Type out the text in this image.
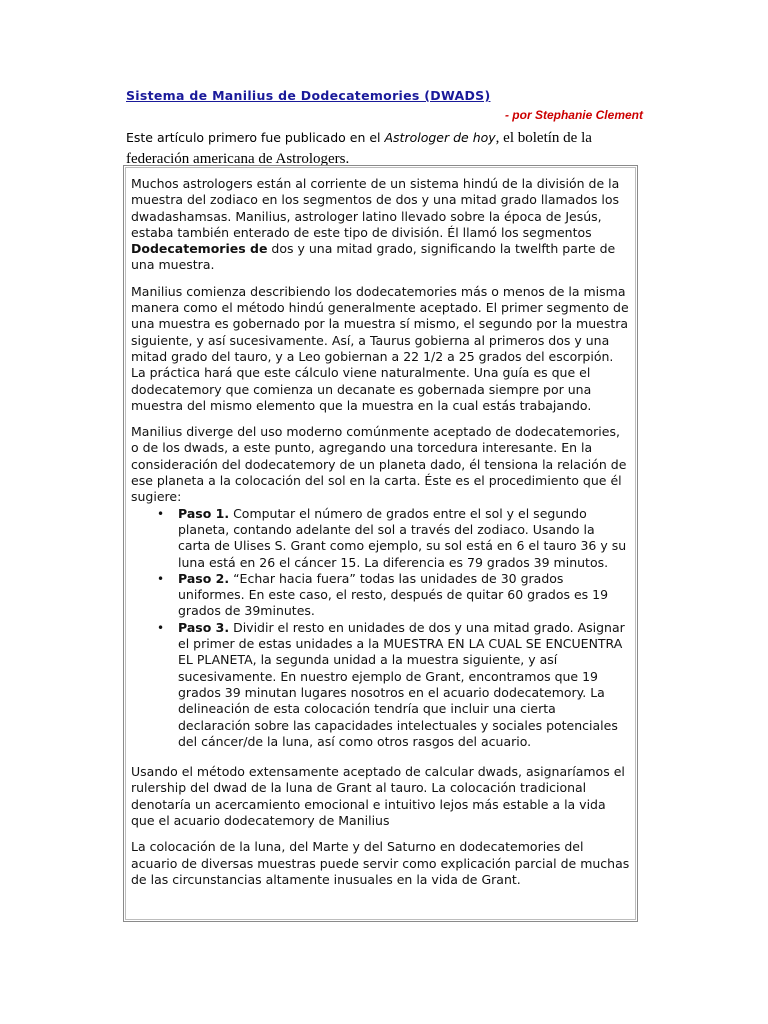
Sistema de Manilius de Dodecatemories (DWADS)
- por Stephanie Clement
Este artículo primero fue publicado en el Astrologer de hoy, el boletín de la federación americana de Astrologers.

Muchos astrologers están al corriente de un sistema hindú de la división de la muestra del zodiaco en los segmentos de dos y una mitad grado llamados los dwadashamsas. Manilius, astrologer latino llevado sobre la época de Jesús, estaba también enterado de este tipo de división. Él llamó los segmentos Dodecatemories de dos y una mitad grado, significando la twelfth parte de una muestra.

Manilius comienza describiendo los dodecatemories más o menos de la misma manera como el método hindú generalmente aceptado. El primer segmento de una muestra es gobernado por la muestra sí mismo, el segundo por la muestra siguiente, y así sucesivamente. Así, a Taurus gobierna al primeros dos y una mitad grado del tauro, y a Leo gobiernan a 22 1/2 a 25 grados del escorpión. La práctica hará que este cálculo viene naturalmente. Una guía es que el dodecatemory que comienza un decanate es gobernada siempre por una muestra del mismo elemento que la muestra en la cual estás trabajando.

Manilius diverge del uso moderno comúnmente aceptado de dodecatemories, o de los dwads, a este punto, agregando una torcedura interesante. En la consideración del dodecatemory de un planeta dado, él tensiona la relación de ese planeta a la colocación del sol en la carta. Éste es el procedimiento que él sugiere:

• Paso 1. Computar el número de grados entre el sol y el segundo planeta, contando adelante del sol a través del zodiaco. Usando la carta de Ulises S. Grant como ejemplo, su sol está en 6 el tauro 36 y su luna está en 26 el cáncer 15. La diferencia es 79 grados 39 minutos.
• Paso 2. “Echar hacia fuera” todas las unidades de 30 grados uniformes. En este caso, el resto, después de quitar 60 grados es 19 grados de 39minutes.
• Paso 3. Dividir el resto en unidades de dos y una mitad grado. Asignar el primer de estas unidades a la MUESTRA EN LA CUAL SE ENCUENTRA EL PLANETA, la segunda unidad a la muestra siguiente, y así sucesivamente. En nuestro ejemplo de Grant, encontramos que 19 grados 39 minutan lugares nosotros en el acuario dodecatemory. La delineación de esta colocación tendría que incluir una cierta declaración sobre las capacidades intelectuales y sociales potenciales del cáncer/de la luna, así como otros rasgos del acuario.

Usando el método extensamente aceptado de calcular dwads, asignaríamos el rulership del dwad de la luna de Grant al tauro. La colocación tradicional denotaría un acercamiento emocional e intuitivo lejos más estable a la vida que el acuario dodecatemory de Manilius

La colocación de la luna, del Marte y del Saturno en dodecatemories del acuario de diversas muestras puede servir como explicación parcial de muchas de las circunstancias altamente inusuales en la vida de Grant.
